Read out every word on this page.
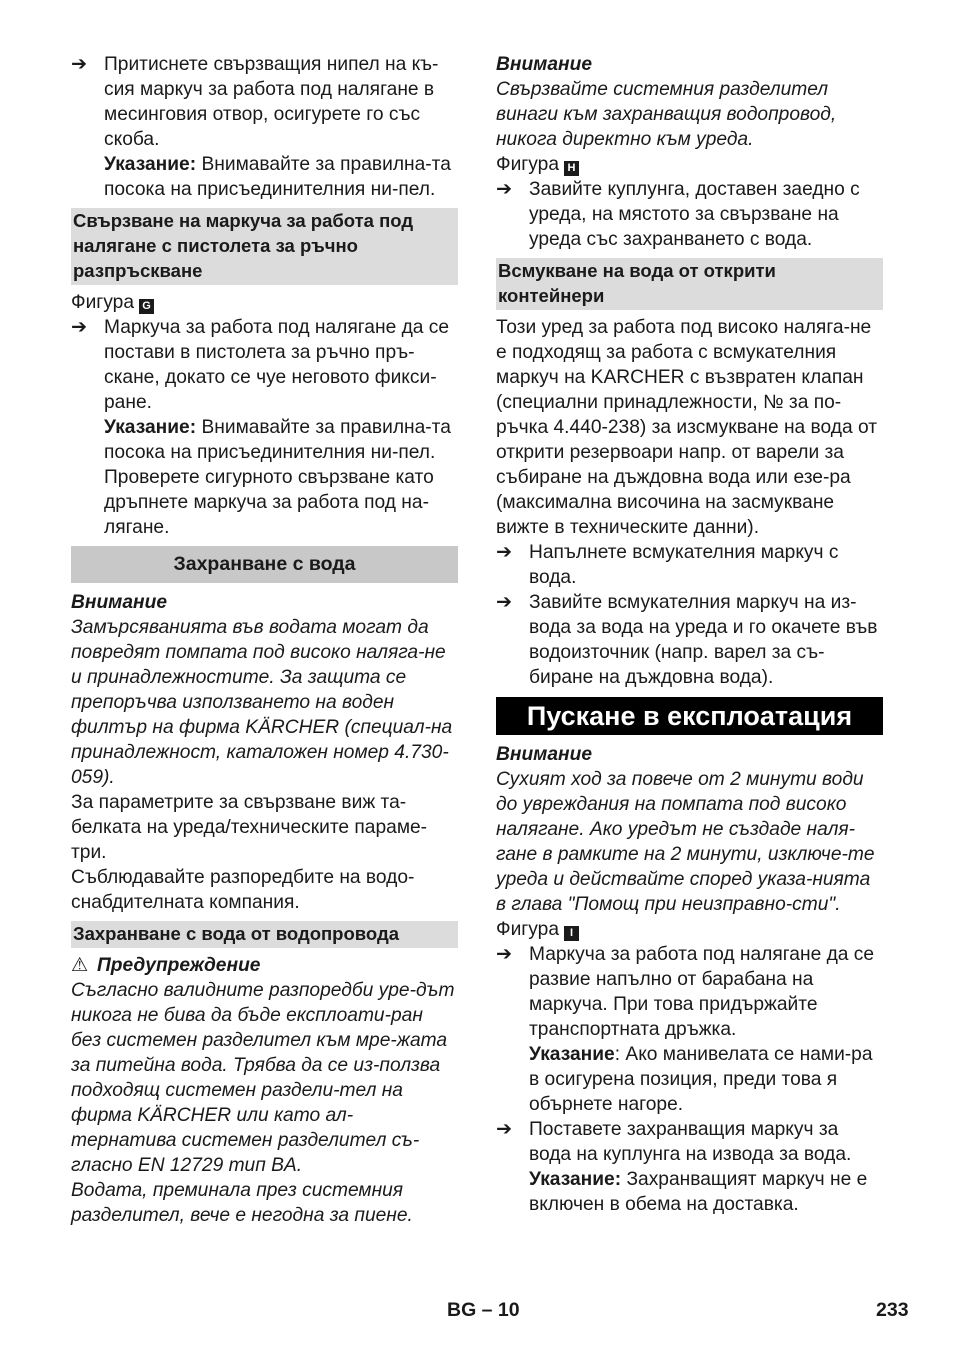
➔ Притиснете свързващия нипел на къ-сия маркуч за работа под налягане в месинговия отвор, осигурете го със скоба.

Указание: Внимавайте за правилна-та посока на присъединителния ни-пел.

Свързване на маркуча за работа под налягане с пистолета за ръчно разпръскване

Фигура G

➔ Маркуча за работа под налягане да се постави в пистолета за ръчно пръ-скане, докато се чуе неговото фикси-ране.

Указание: Внимавайте за правилна-та посока на присъединителния ни-пел.

Проверете сигурното свързване като дръпнете маркуча за работа под на-лягане.

Захранване с вода

Внимание

Замърсяванията във водата могат да повредят помпата под високо наляга-не и принадлежностите. За защита се препоръчва използването на воден филтър на фирма KÄRCHER (специал-на принадлежност, каталожен номер 4.730-059).

За параметрите за свързване виж та-белката на уреда/техническите параме-три.

Съблюдавайте разпоредбите на водо-снабдителната компания.

Захранване с вода от водопровода

⚠ Предупреждение

Съгласно валидните разпоредби уре-дът никога не бива да бъде експлоати-ран без системен разделител към мре-жата за питейна вода. Трябва да се из-ползва подходящ системен раздели-тел на фирма KÄRCHER или като ал-тернатива системен разделител съ-гласно EN 12729 тип BA.

Водата, преминала през системния разделител, вече е негодна за пиене.

Внимание

Свързвайте системния разделител винаги към захранващия водопровод, никога директно към уреда.

Фигура H

➔ Завийте куплунга, доставен заедно с уреда, на мястото за свързване на уреда със захранването с вода.

Всмукване на вода от открити контейнери

Този уред за работа под високо наляга-не е подходящ за работа с всмукателния маркуч на KARCHER с възвратен клапан (специални принадлежности, № за по-ръчка 4.440-238) за изсмукване на вода от открити резервоари напр. от варели за събиране на дъждовна вода или езе-ра (максимална височина на засмукване вижте в техническите данни).

➔ Напълнете всмукателния маркуч с вода.

➔ Завийте всмукателния маркуч на из-вода за вода на уреда и го окачете във водоизточник (напр. варел за съ-биране на дъждовна вода).

Пускане в експлоатация

Внимание

Сухият ход за повече от 2 минути води до увреждания на помпата под високо налягане. Ако уредът не създаде наля-гане в рамките на 2 минути, изключе-те уреда и действайте според указа-нията в глава "Помощ при неизправно-сти".

Фигура I

➔ Маркуча за работа под налягане да се развие напълно от барабана на маркуча. При това придържайте транспортната дръжка.

Указание: Ако манивелата се нами-ра в осигурена позиция, преди това я обърнете нагоре.

➔ Поставете захранващия маркуч за вода на куплунга на извода за вода.

Указание: Захранващият маркуч не е включен в обема на доставка.

BG – 10	233
